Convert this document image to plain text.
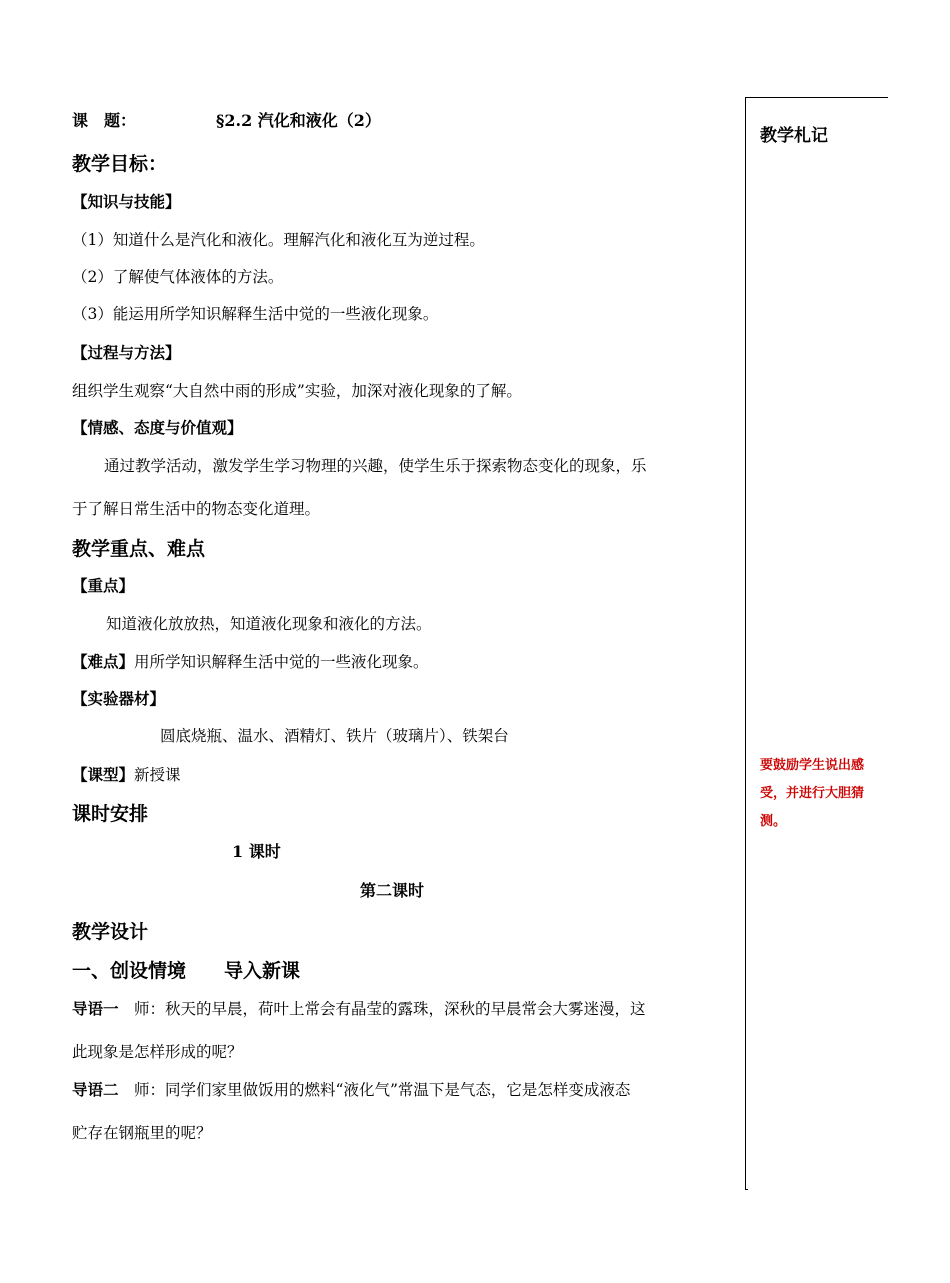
教学札记
要鼓励学生说出感受，并进行大胆猜测。
课　题：	§2.2 汽化和液化（2）
教学目标：
【知识与技能】
（1）知道什么是汽化和液化。理解汽化和液化互为逆过程。
（2）了解使气体液体的方法。
（3）能运用所学知识解释生活中觉的一些液化现象。
【过程与方法】
组织学生观察“大自然中雨的形成”实验，加深对液化现象的了解。
【情感、态度与价值观】
通过教学活动，激发学生学习物理的兴趣，使学生乐于探索物态变化的现象，乐
于了解日常生活中的物态变化道理。
教学重点、难点
【重点】
知道液化放放热，知道液化现象和液化的方法。
【难点】用所学知识解释生活中觉的一些液化现象。
【实验器材】
圆底烧瓶、温水、酒精灯、铁片（玻璃片）、铁架台
【课型】新授课
课时安排
1 课时
第二课时
教学设计
一、创设情境　　导入新课
导语一　师：秋天的早晨，荷叶上常会有晶莹的露珠，深秋的早晨常会大雾迷漫，这
此现象是怎样形成的呢？
导语二　师：同学们家里做饭用的燃料“液化气”常温下是气态，它是怎样变成液态
贮存在钢瓶里的呢？
